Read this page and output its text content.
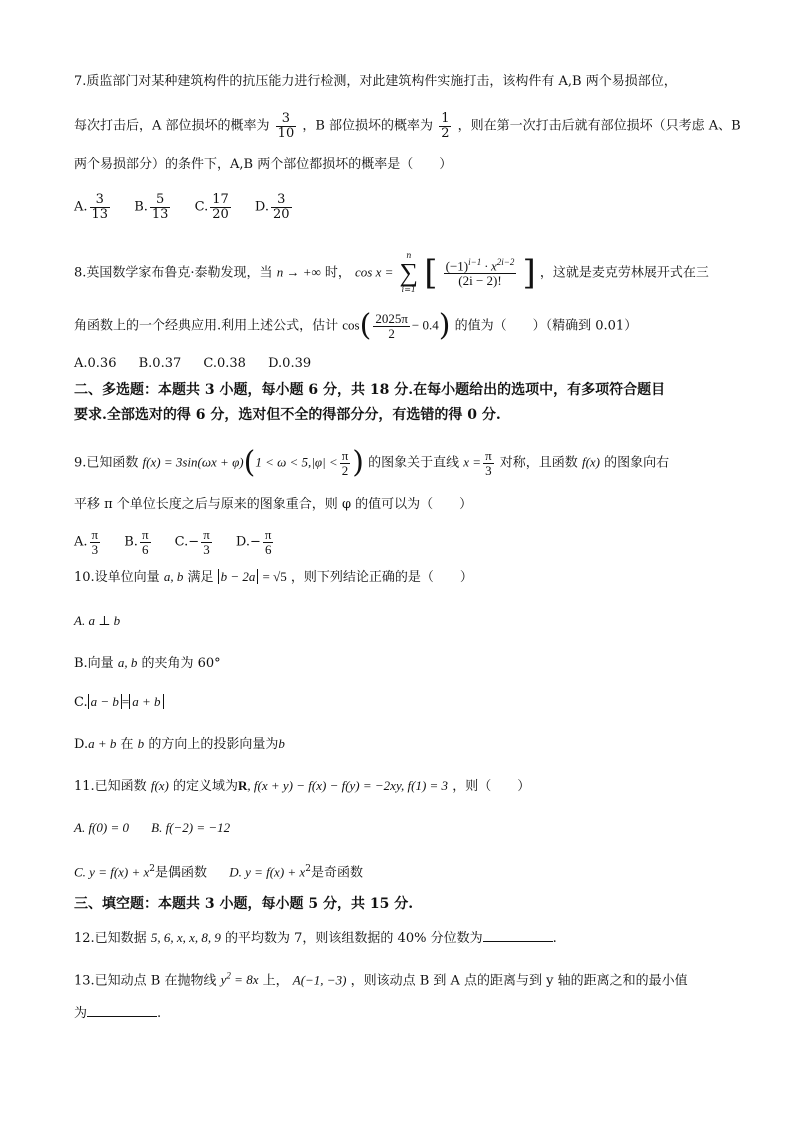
7.质监部门对某种建筑构件的抗压能力进行检测，对此建筑构件实施打击，该构件有 A,B 两个易损部位，
每次打击后，A 部位损坏的概率为 $\frac{3}{10}$ ，B 部位损坏的概率为 $\frac{1}{2}$ ，则在第一次打击后就有部位损坏（只考虑 A、B
两个易损部分）的条件下，A,B 两个部位都损坏的概率是（　　）
A. $\frac{3}{13} B$. $\frac{5}{13} C$. $\frac{17}{20} D$. $\frac{3}{20}$
8.英国数学家布鲁克·泰勒发现，当 n → +∞ 时， cos x =
n
∑
i=1 [ $\frac{(-1)^{i-1} \cdot x^{2i-2}}{(2i - 2)!}$ ] ，这就是麦克劳林展开式在三
角函数上的一个经典应用.利用上述公式，估计 $\cos( \frac{2025\pi}{2} - 0.4)$ 的值为（　　）（精确到 0.01）
A.0.36 B.0.37 C.0.38 D.0.39
二、多选题：本题共 3 小题，每小题 6 分，共 18 分.在每小题给出的选项中，有多项符合题目
要求.全部选对的得 6 分，选对但不全的得部分分，有选错的得 0 分.
9.已知函数 $f(x) = 3\sin(\omega x + \varphi)(1 < \omega < 5,|\varphi| < \frac{\pi}{2}$ ) 的图象关于直线 $x = \frac{\pi}{3}$ 对称，且函数 f(x) 的图象向右
平移 π 个单位长度之后与原来的图象重合，则 φ 的值可以为（　　）
A. $\frac{\pi}{3} B$. $\frac{\pi}{6} C.- \frac{\pi}{3} D.- \frac{\pi}{6}$
10.设单位向量 a, b 满足 b − 2a = √5 ，则下列结论正确的是（　　）
A. a ⊥ b
B.向量 a, b 的夹角为 60°
C. a − b = a + b
D.a + b 在 b 的方向上的投影向量为b
11.已知函数 f(x) 的定义域为R, f(x + y) − f(x) − f(y) = −2xy, f(1) = 3 ，则（　　）
A. f(0) = 0 B. f(−2) = −12
C. $y = f(x) + x^2$是偶函数 D. $y = f(x) + x^2$是奇函数
三、填空题：本题共 3 小题，每小题 5 分，共 15 分.
12.已知数据 5, 6, x, x, 8, 9 的平均数为 7，则该组数据的 40% 分位数为	.
13.已知动点 B 在抛物线 $y^2 = 8x$ 上， A(−1, −3) ，则该动点 B 到 A 点的距离与到 y 轴的距离之和的最小值
为	.
